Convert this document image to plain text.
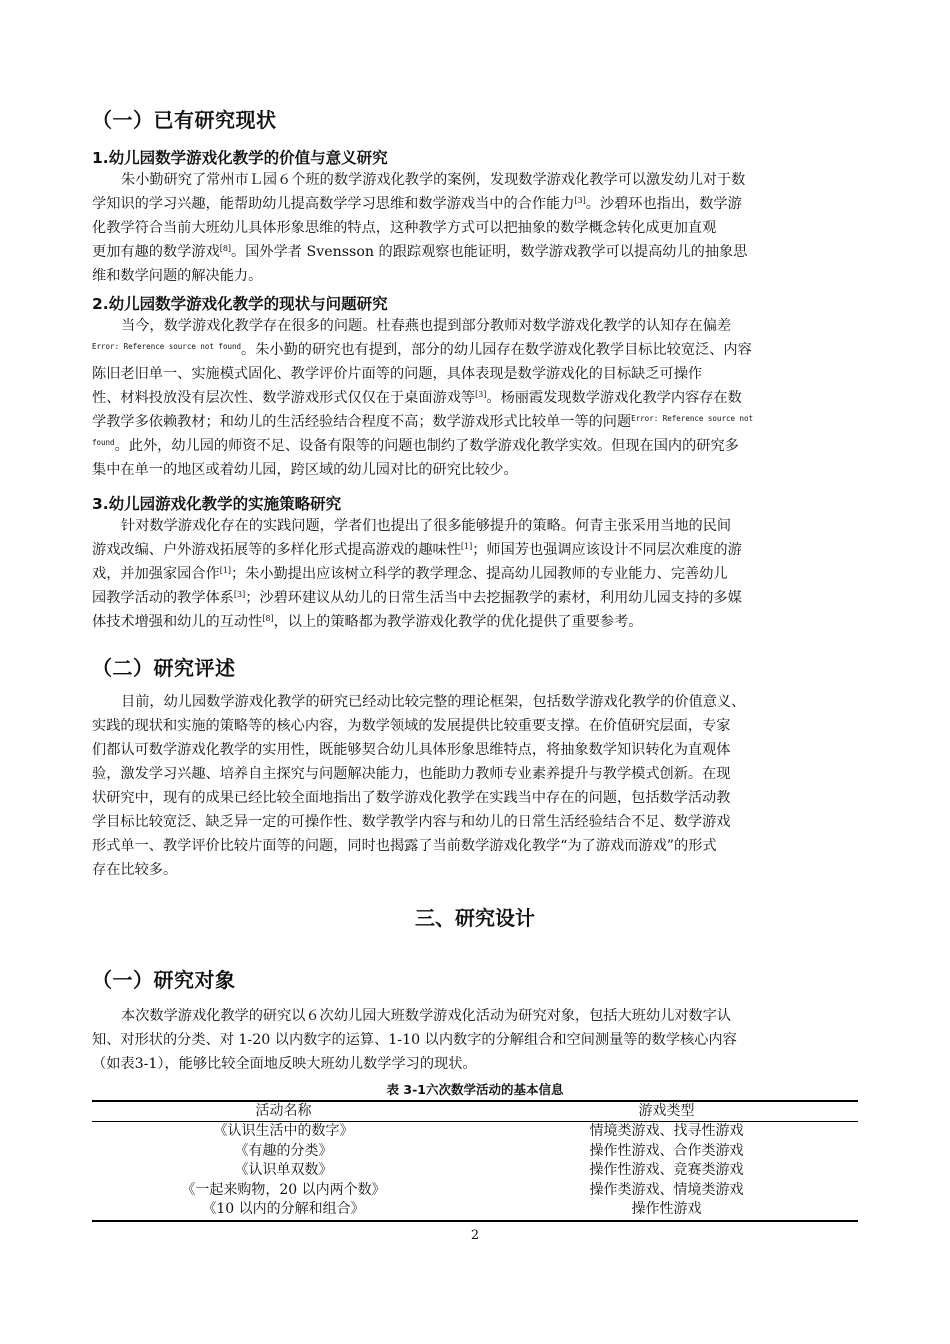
（一）已有研究现状
1.幼儿园数学游戏化教学的价值与意义研究
朱小勤研究了常州市Ｌ园６个班的数学游戏化教学的案例，发现数学游戏化教学可以激发幼儿对于数
学知识的学习兴趣，能帮助幼儿提高数学学习思维和数学游戏当中的合作能力[3]。沙碧环也指出，数学游
化教学符合当前大班幼儿具体形象思维的特点，这种教学方式可以把抽象的数学概念转化成更加直观
更加有趣的数学游戏[8]。国外学者 Svensson 的跟踪观察也能证明，数学游戏教学可以提高幼儿的抽象思
维和数学问题的解决能力。
2.幼儿园数学游戏化教学的现状与问题研究
当今，数学游戏化教学存在很多的问题。杜春燕也提到部分教师对数学游戏化教学的认知存在偏差
$^{Error: Reference source not found}$。朱小勤的研究也有提到，部分的幼儿园存在数学游戏化教学目标比较宽泛、内容
陈旧老旧单一、实施模式固化、教学评价片面等的问题，具体表现是数学游戏化的目标缺乏可操作
性、材料投放没有层次性、数学游戏形式仅仅在于桌面游戏等[3]。杨丽霞发现数学游戏化教学内容存在数
学教学多依赖教材；和幼儿的生活经验结合程度不高；数学游戏形式比较单一等的问题$^{Error: Reference source not}$
$^{found}$。此外，幼儿园的师资不足、设备有限等的问题也制约了数学游戏化教学实效。但现在国内的研究多
集中在单一的地区或着幼儿园，跨区域的幼儿园对比的研究比较少。
3.幼儿园游戏化教学的实施策略研究
针对数学游戏化存在的实践问题，学者们也提出了很多能够提升的策略。何青主张采用当地的民间
游戏改编、户外游戏拓展等的多样化形式提高游戏的趣味性[1]；师国芳也强调应该设计不同层次难度的游
戏，并加强家园合作[1]；朱小勤提出应该树立科学的教学理念、提高幼儿园教师的专业能力、完善幼儿
园教学活动的教学体系[3]；沙碧环建议从幼儿的日常生活当中去挖掘教学的素材，利用幼儿园支持的多媒
体技术增强和幼儿的互动性[8]，以上的策略都为教学游戏化教学的优化提供了重要参考。
（二）研究评述
目前，幼儿园数学游戏化教学的研究已经动比较完整的理论框架，包括数学游戏化教学的价值意义、
实践的现状和实施的策略等的核心内容，为数学领域的发展提供比较重要支撑。在价值研究层面，专家
们都认可数学游戏化教学的实用性，既能够契合幼儿具体形象思维特点，将抽象数学知识转化为直观体
验，激发学习兴趣、培养自主探究与问题解决能力，也能助力教师专业素养提升与教学模式创新。在现
状研究中，现有的成果已经比较全面地指出了数学游戏化教学在实践当中存在的问题，包括数学活动教
学目标比较宽泛、缺乏异一定的可操作性、数学教学内容与和幼儿的日常生活经验结合不足、数学游戏
形式单一、教学评价比较片面等的问题，同时也揭露了当前数学游戏化教学“为了游戏而游戏”的形式
存在比较多。
三、研究设计
（一）研究对象
本次数学游戏化教学的研究以６次幼儿园大班数学游戏化活动为研究对象，包括大班幼儿对数字认
知、对形状的分类、对 1-20 以内数字的运算、1-10 以内数字的分解组合和空间测量等的数学核心内容
（如表3-1），能够比较全面地反映大班幼儿数学学习的现状。
表 3-1六次数学活动的基本信息
活动名称	游戏类型
《认识生活中的数字》	情境类游戏、找寻性游戏
《有趣的分类》	操作性游戏、合作类游戏
《认识单双数》	操作性游戏、竞赛类游戏
《一起来购物，20 以内两个数》	操作类游戏、情境类游戏
《10 以内的分解和组合》	操作性游戏
2
